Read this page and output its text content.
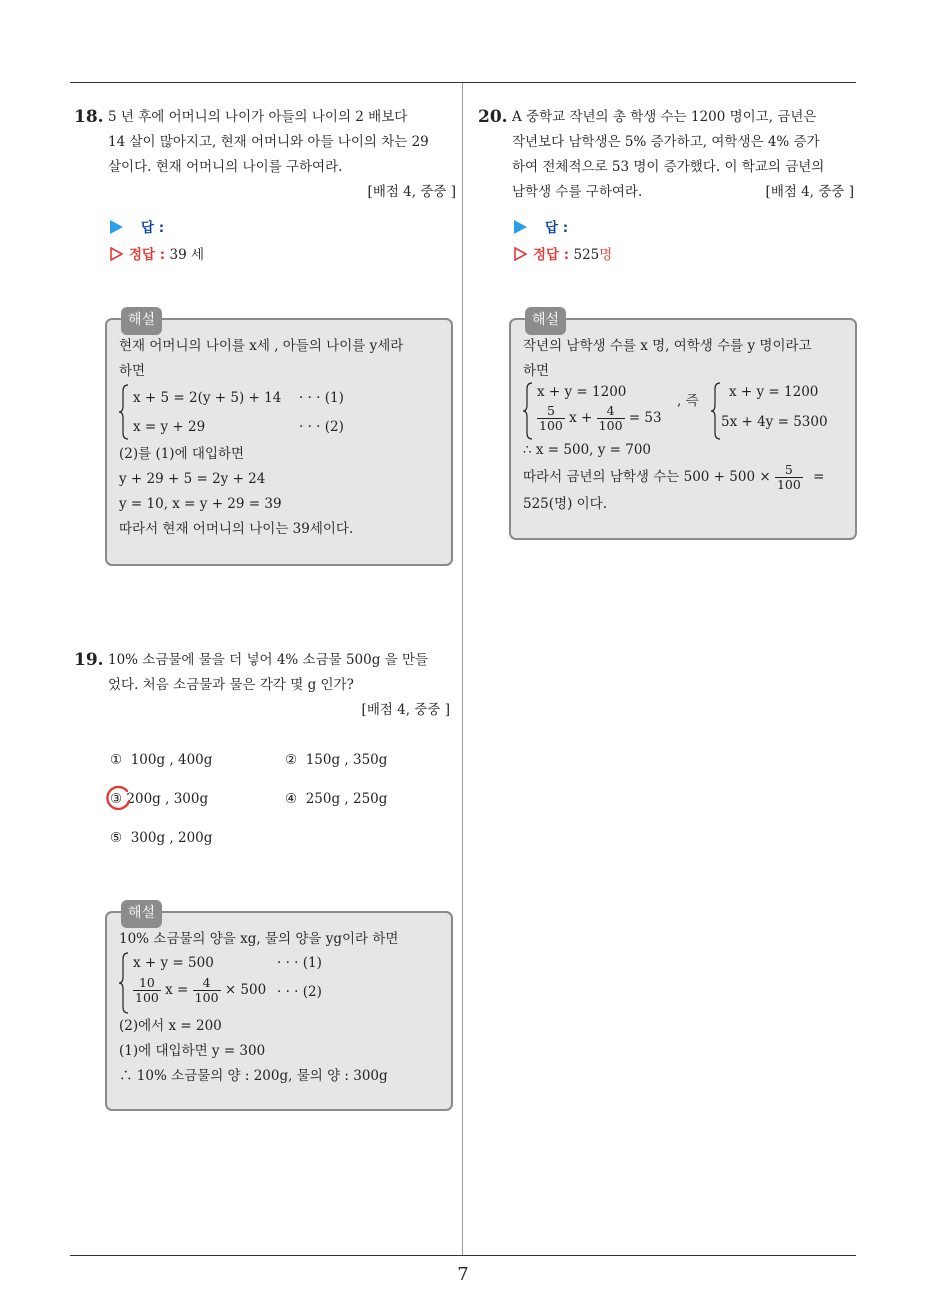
7
18. 5 년 후에 어머니의 나이가 아들의 나이의 2 배보다
14 살이 많아지고, 현재 어머니와 아들 나이의 차는 29
살이다. 현재 어머니의 나이를 구하여라.
[배점 4, 중중 ]
답 :
정답 : 39 세
해설
현재 어머니의 나이를 x세 , 아들의 나이를 y세라
하면
x + 5 = 2(y + 5) + 14 · · · (1)
x = y + 29	· · · (2)
(2)를 (1)에 대입하면
y + 29 + 5 = 2y + 24
y = 10, x = y + 29 = 39
따라서 현재 어머니의 나이는 39세이다.
19. 10% 소금물에 물을 더 넣어 4% 소금물 500g 을 만들
었다. 처음 소금물과 물은 각각 몇 g 인가?
[배점 4, 중중 ]
① 100g , 400g	② 150g , 350g
③ 200g , 300g	④ 250g , 250g
⑤ 300g , 200g
해설
10% 소금물의 양을 xg, 물의 양을 yg이라 하면
x + y = 500	· · · (1)
$\frac{10}{100}$ $x = \frac{4}{100} \times 500$ · · · (2)
(2)에서 x = 200
(1)에 대입하면 y = 300
∴ 10% 소금물의 양 : 200g, 물의 양 : 300g
20. A 중학교 작년의 총 학생 수는 1200 명이고, 금년은
작년보다 남학생은 5% 증가하고, 여학생은 4% 증가
하여 전체적으로 53 명이 증가했다. 이 학교의 금년의
남학생 수를 구하여라.	[배점 4, 중중 ]
답 :
정답 : 525명
해설
작년의 남학생 수를 x 명, 여학생 수를 y 명이라고
하면
x + y = 1200
$\frac{5}{100}$ $x + \frac{4}{100} = 53$
, 즉
x + y = 1200
5x + 4y = 5300
∴ x = 500, y = 700
따라서 금년의 남학생 수는 $500 + 500 \times \frac{5}{100}$ =
525(명) 이다.
